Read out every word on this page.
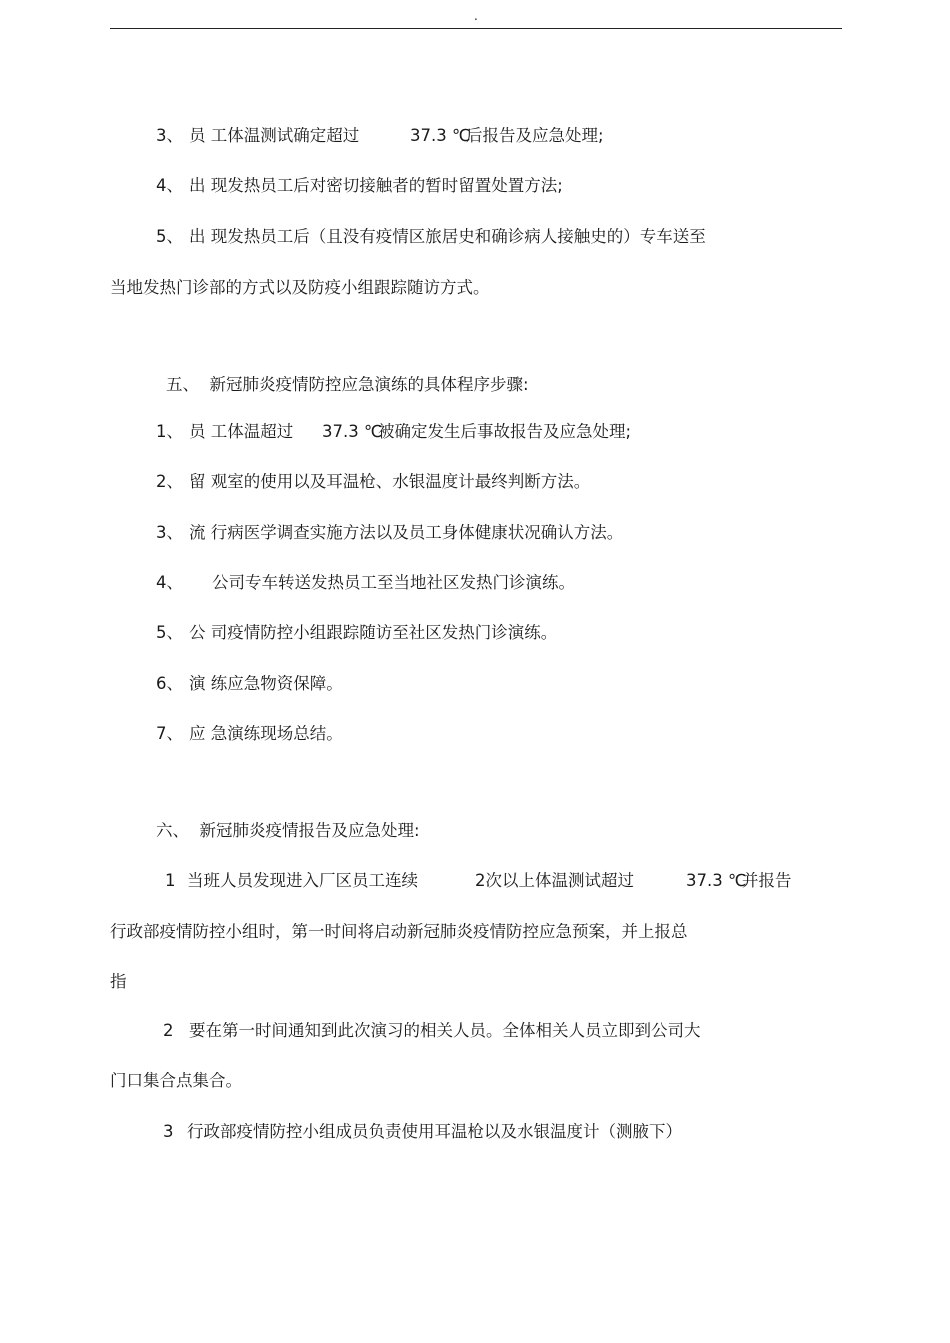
.
3、 员 工体温测试确定超过	37.3 ℃
后报告及应急处理;
4、 出 现发热员工后对密切接触者的暂时留置处置方法;
5、 出 现发热员工后（且没有疫情区旅居史和确诊病人接触史的）专车送至
当地发热门诊部的方式以及防疫小组跟踪随访方式。
五、  新冠肺炎疫情防控应急演练的具体程序步骤:
1、 员 工体温超过 37.3 ℃
被确定发生后事故报告及应急处理;
2、 留 观室的使用以及耳温枪、水银温度计最终判断方法。
3、 流 行病医学调查实施方法以及员工身体健康状况确认方法。
4、 公司专车转送发热员工至当地社区发热门诊演练。
5、 公 司疫情防控小组跟踪随访至社区发热门诊演练。
6、 演 练应急物资保障。
7、 应 急演练现场总结。
六、  新冠肺炎疫情报告及应急处理:
1 当班人员发现进入厂区员工连续	2次以上体温测试超过	37.3 ℃
并报告
行政部疫情防控小组时，第一时间将启动新冠肺炎疫情防控应急预案，并上报总
指
2 要在第一时间通知到此次演习的相关人员。全体相关人员立即到公司大
门口集合点集合。
3 行政部疫情防控小组成员负责使用耳温枪以及水银温度计（测腋下）
